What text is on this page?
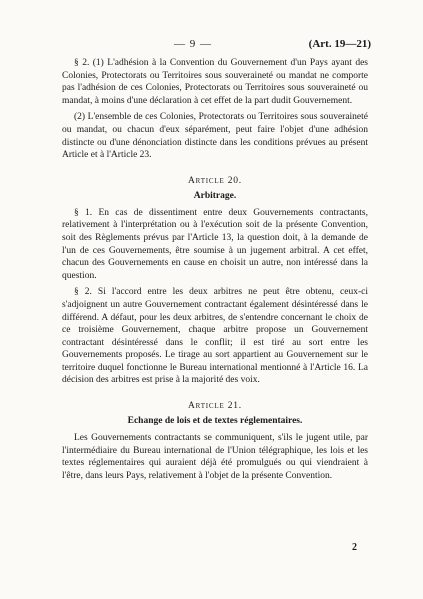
— 9 —	(Art. 19—21)

§ 2. (1) L'adhésion à la Convention du Gouvernement d'un Pays ayant des Colonies, Protectorats ou Territoires sous souveraineté ou mandat ne comporte pas l'adhésion de ces Colonies, Protectorats ou Territoires sous souveraineté ou mandat, à moins d'une déclaration à cet effet de la part dudit Gouvernement.

(2) L'ensemble de ces Colonies, Protectorats ou Territoires sous souveraineté ou mandat, ou chacun d'eux séparément, peut faire l'objet d'une adhésion distincte ou d'une dénonciation distincte dans les conditions prévues au présent Article et à l'Article 23.

Article 20.
Arbitrage.

§ 1. En cas de dissentiment entre deux Gouvernements contractants, relativement à l'interprétation ou à l'exécution soit de la présente Convention, soit des Règlements prévus par l'Article 13, la question doit, à la demande de l'un de ces Gouvernements, être soumise à un jugement arbitral. A cet effet, chacun des Gouvernements en cause en choisit un autre, non intéressé dans la question.

§ 2. Si l'accord entre les deux arbitres ne peut être obtenu, ceux-ci s'adjoignent un autre Gouvernement contractant également désintéressé dans le différend. A défaut, pour les deux arbitres, de s'entendre concernant le choix de ce troisième Gouvernement, chaque arbitre propose un Gouvernement contractant désintéressé dans le conflit; il est tiré au sort entre les Gouvernements proposés. Le tirage au sort appartient au Gouvernement sur le territoire duquel fonctionne le Bureau international mentionné à l'Article 16. La décision des arbitres est prise à la majorité des voix.

Article 21.
Echange de lois et de textes réglementaires.

Les Gouvernements contractants se communiquent, s'ils le jugent utile, par l'intermédiaire du Bureau international de l'Union télégraphique, les lois et les textes réglementaires qui auraient déjà été promulgués ou qui viendraient à l'être, dans leurs Pays, relativement à l'objet de la présente Convention.

2
